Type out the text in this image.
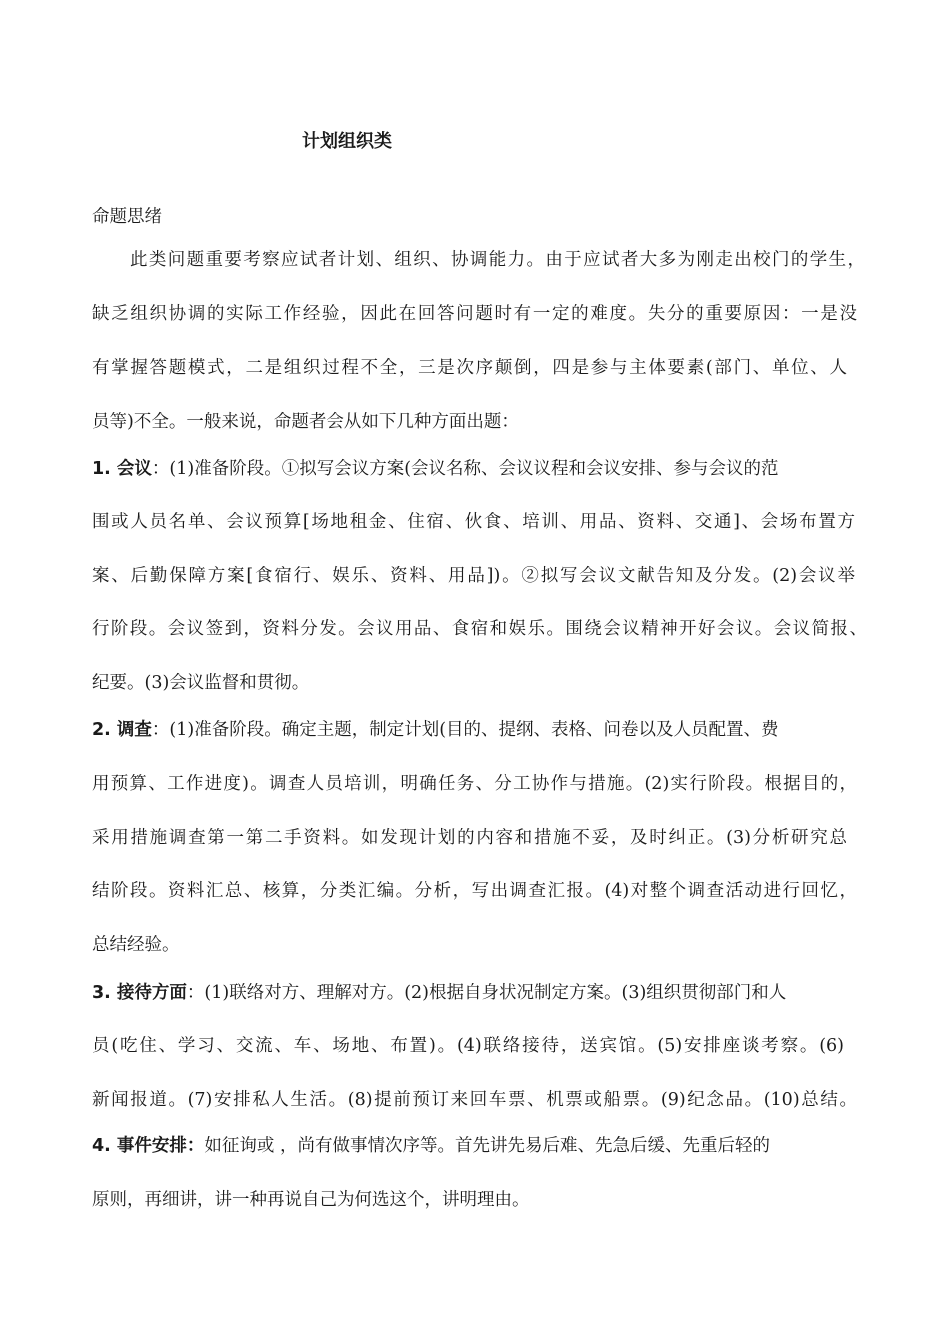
计划组织类
命题思绪
此类问题重要考察应试者计划、组织、协调能力。由于应试者大多为刚走出校门的学生，
缺乏组织协调的实际工作经验，因此在回答问题时有一定的难度。失分的重要原因：一是没
有掌握答题模式，二是组织过程不全，三是次序颠倒，四是参与主体要素(部门、单位、人
员等)不全。一般来说，命题者会从如下几种方面出题：
1. 会议：(1)准备阶段。①拟写会议方案(会议名称、会议议程和会议安排、参与会议的范
围或人员名单、会议预算[场地租金、住宿、伙食、培训、用品、资料、交通]、会场布置方
案、后勤保障方案[食宿行、娱乐、资料、用品])。②拟写会议文献告知及分发。(2)会议举
行阶段。会议签到，资料分发。会议用品、食宿和娱乐。围绕会议精神开好会议。会议简报、
纪要。(3)会议监督和贯彻。
2. 调查：(1)准备阶段。确定主题，制定计划(目的、提纲、表格、问卷以及人员配置、费
用预算、工作进度)。调查人员培训，明确任务、分工协作与措施。(2)实行阶段。根据目的，
采用措施调查第一第二手资料。如发现计划的内容和措施不妥，及时纠正。(3)分析研究总
结阶段。资料汇总、核算，分类汇编。分析，写出调查汇报。(4)对整个调查活动进行回忆，
总结经验。
3. 接待方面：(1)联络对方、理解对方。(2)根据自身状况制定方案。(3)组织贯彻部门和人
员(吃住、学习、交流、车、场地、布置)。(4)联络接待，送宾馆。(5)安排座谈考察。(6)
新闻报道。(7)安排私人生活。(8)提前预订来回车票、机票或船票。(9)纪念品。(10)总结。
4. 事件安排：如征询或 ，尚有做事情次序等。首先讲先易后难、先急后缓、先重后轻的
原则，再细讲，讲一种再说自己为何选这个，讲明理由。
